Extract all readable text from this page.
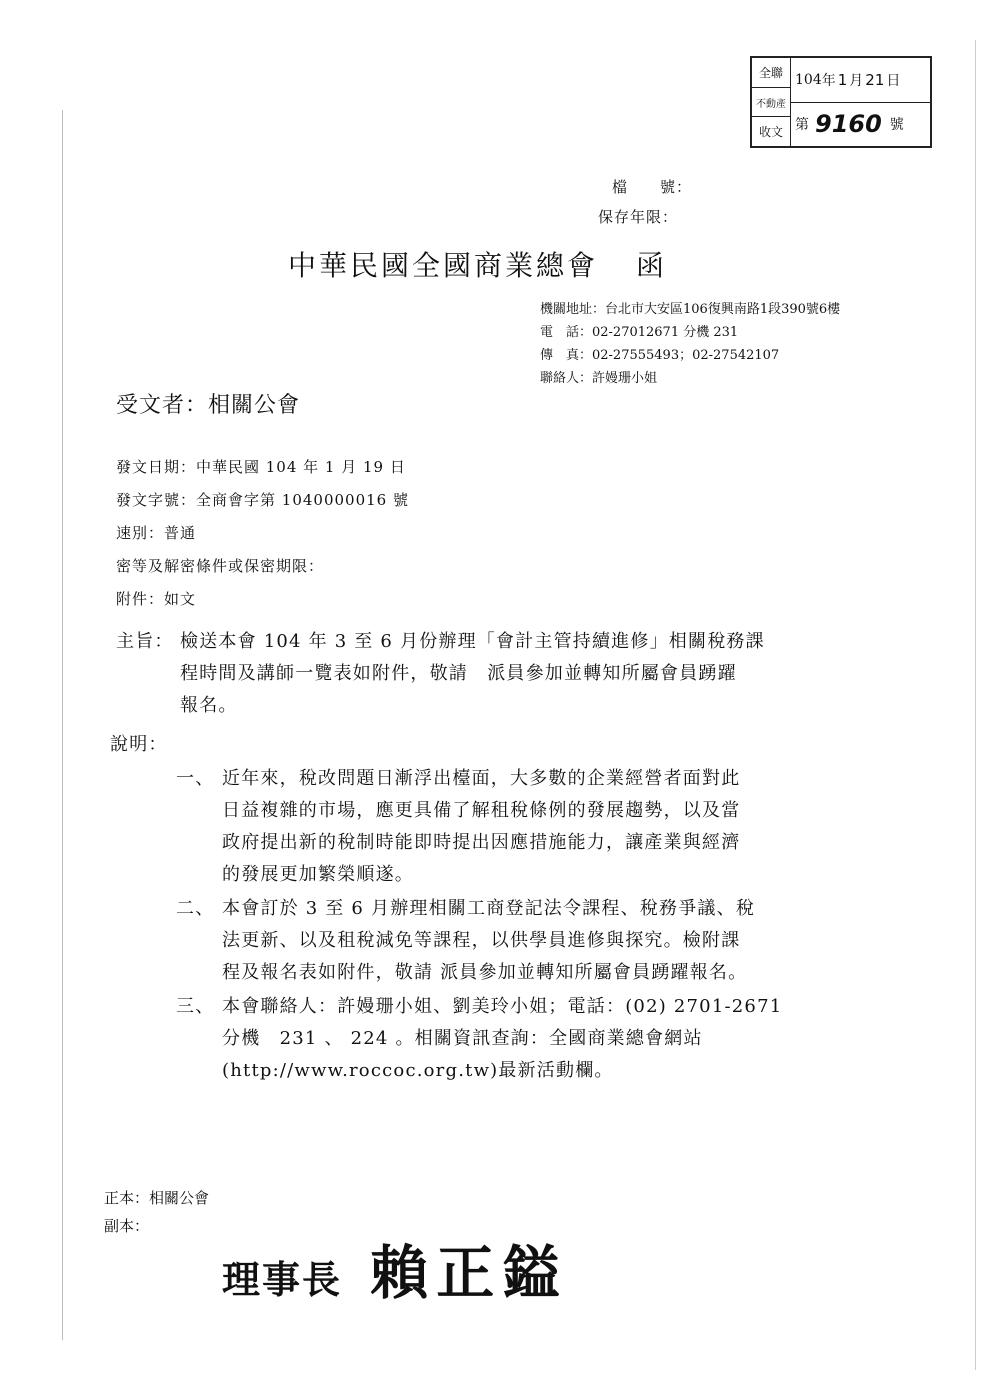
全聯
不動產
收文
104 年 1 月 21 日
第 9160 號
檔　　號：
保存年限：
中華民國全國商業總會 函
機關地址：台北市大安區106復興南路1段390號6樓
電　話：02-27012671 分機 231
傳　真：02-27555493；02-27542107
聯絡人：許嫚珊小姐
受文者：相關公會
發文日期：中華民國 104 年 1 月 19 日
發文字號：全商會字第 1040000016 號
速別：普通
密等及解密條件或保密期限：
附件：如文
主旨： 檢送本會 104 年 3 至 6 月份辦理「會計主管持續進修」相關稅務課
程時間及講師一覽表如附件，敬請　派員參加並轉知所屬會員踴躍
報名。
說明：
一、 近年來，稅改問題日漸浮出檯面，大多數的企業經營者面對此
日益複雜的市場，應更具備了解租稅條例的發展趨勢，以及當
政府提出新的稅制時能即時提出因應措施能力，讓產業與經濟
的發展更加繁榮順遂。
二、 本會訂於 3 至 6 月辦理相關工商登記法令課程、稅務爭議、稅
法更新、以及租稅減免等課程，以供學員進修與探究。檢附課
程及報名表如附件，敬請 派員參加並轉知所屬會員踴躍報名。
三、 本會聯絡人：許嫚珊小姐、劉美玲小姐；電話：(02) 2701-2671
分機　231 、 224 。相關資訊查詢：全國商業總會網站
(http://www.roccoc.org.tw)最新活動欄。
正本：相關公會
副本：
理事長 賴正鎰
